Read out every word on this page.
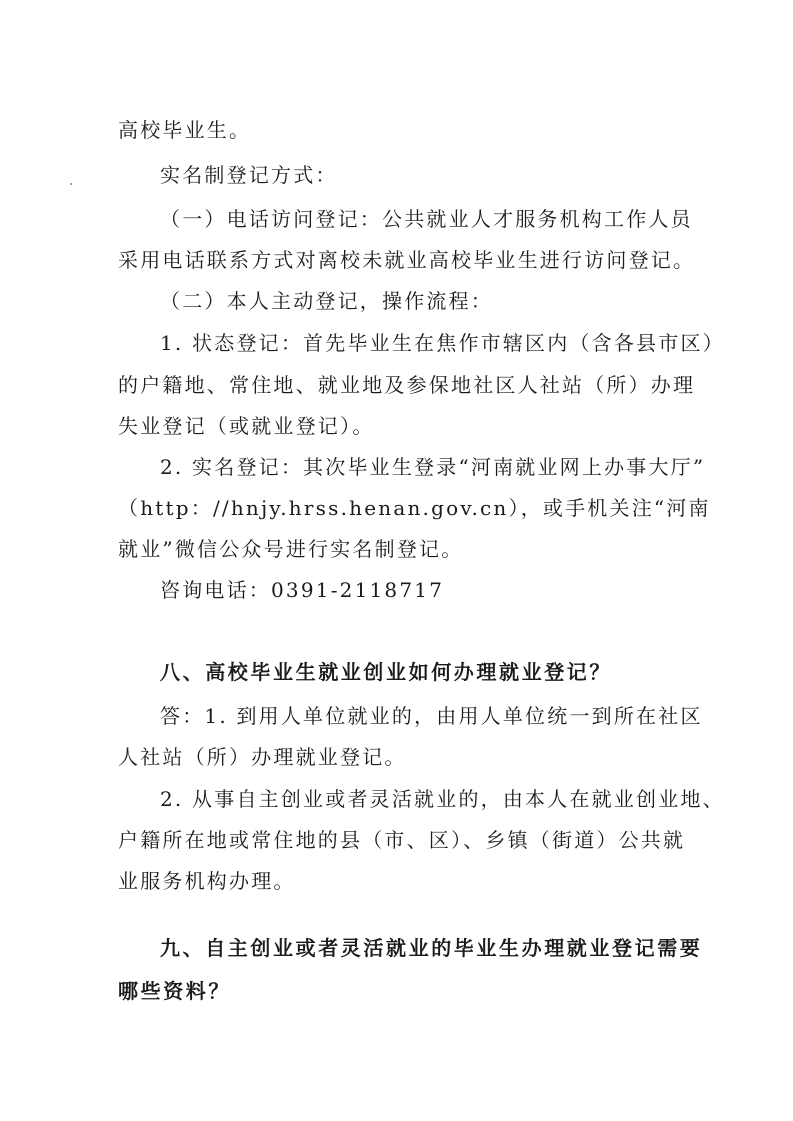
高校毕业生。
实名制登记方式：
（一）电话访问登记：公共就业人才服务机构工作人员
采用电话联系方式对离校未就业高校毕业生进行访问登记。
（二）本人主动登记，操作流程：
1. 状态登记：首先毕业生在焦作市辖区内（含各县市区）
的户籍地、常住地、就业地及参保地社区人社站（所）办理
失业登记（或就业登记）。
2. 实名登记：其次毕业生登录“河南就业网上办事大厅”
（http：//hnjy.hrss.henan.gov.cn），或手机关注“河南
就业”微信公众号进行实名制登记。
咨询电话：0391-2118717
八、高校毕业生就业创业如何办理就业登记？
答：1. 到用人单位就业的，由用人单位统一到所在社区
人社站（所）办理就业登记。
2. 从事自主创业或者灵活就业的，由本人在就业创业地、
户籍所在地或常住地的县（市、区）、乡镇（街道）公共就
业服务机构办理。
九、自主创业或者灵活就业的毕业生办理就业登记需要
哪些资料？
